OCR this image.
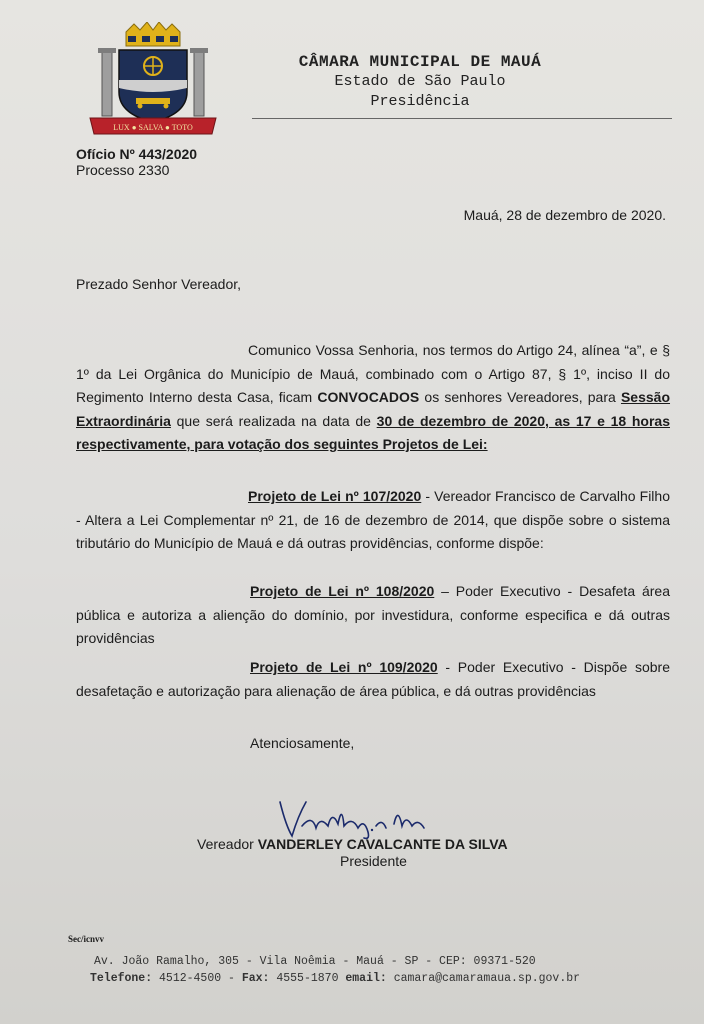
LUX ● SALVA ● TOTO
CÂMARA MUNICIPAL DE MAUÁ
Estado de São Paulo
Presidência
Ofício Nº 443/2020
Processo 2330
Mauá, 28 de dezembro de 2020.
Prezado Senhor Vereador,
Comunico Vossa Senhoria, nos termos do Artigo 24, alínea “a”, e § 1º da Lei Orgânica do Município de Mauá, combinado com o Artigo 87, § 1º, inciso II do Regimento Interno desta Casa, ficam CONVOCADOS os senhores Vereadores, para Sessão Extraordinária que será realizada na data de 30 de dezembro de 2020, as 17 e 18 horas respectivamente, para votação dos seguintes Projetos de Lei:
Projeto de Lei nº 107/2020 - Vereador Francisco de Carvalho Filho - Altera a Lei Complementar nº 21, de 16 de dezembro de 2014, que dispõe sobre o sistema tributário do Município de Mauá e dá outras providências, conforme dispõe:
Projeto de Lei nº 108/2020 – Poder Executivo - Desafeta área pública e autoriza a alienção do domínio, por investidura, conforme especifica e dá outras providências
Projeto de Lei nº 109/2020 - Poder Executivo - Dispõe sobre desafetação e autorização para alienação de área pública, e dá outras providências
Atenciosamente,
Vereador VANDERLEY CAVALCANTE DA SILVA
Presidente
Sec/icnvv
Av. João Ramalho, 305 - Vila Noêmia - Mauá - SP - CEP: 09371-520
Telefone: 4512-4500 - Fax: 4555-1870 email: camara@camaramaua.sp.gov.br
